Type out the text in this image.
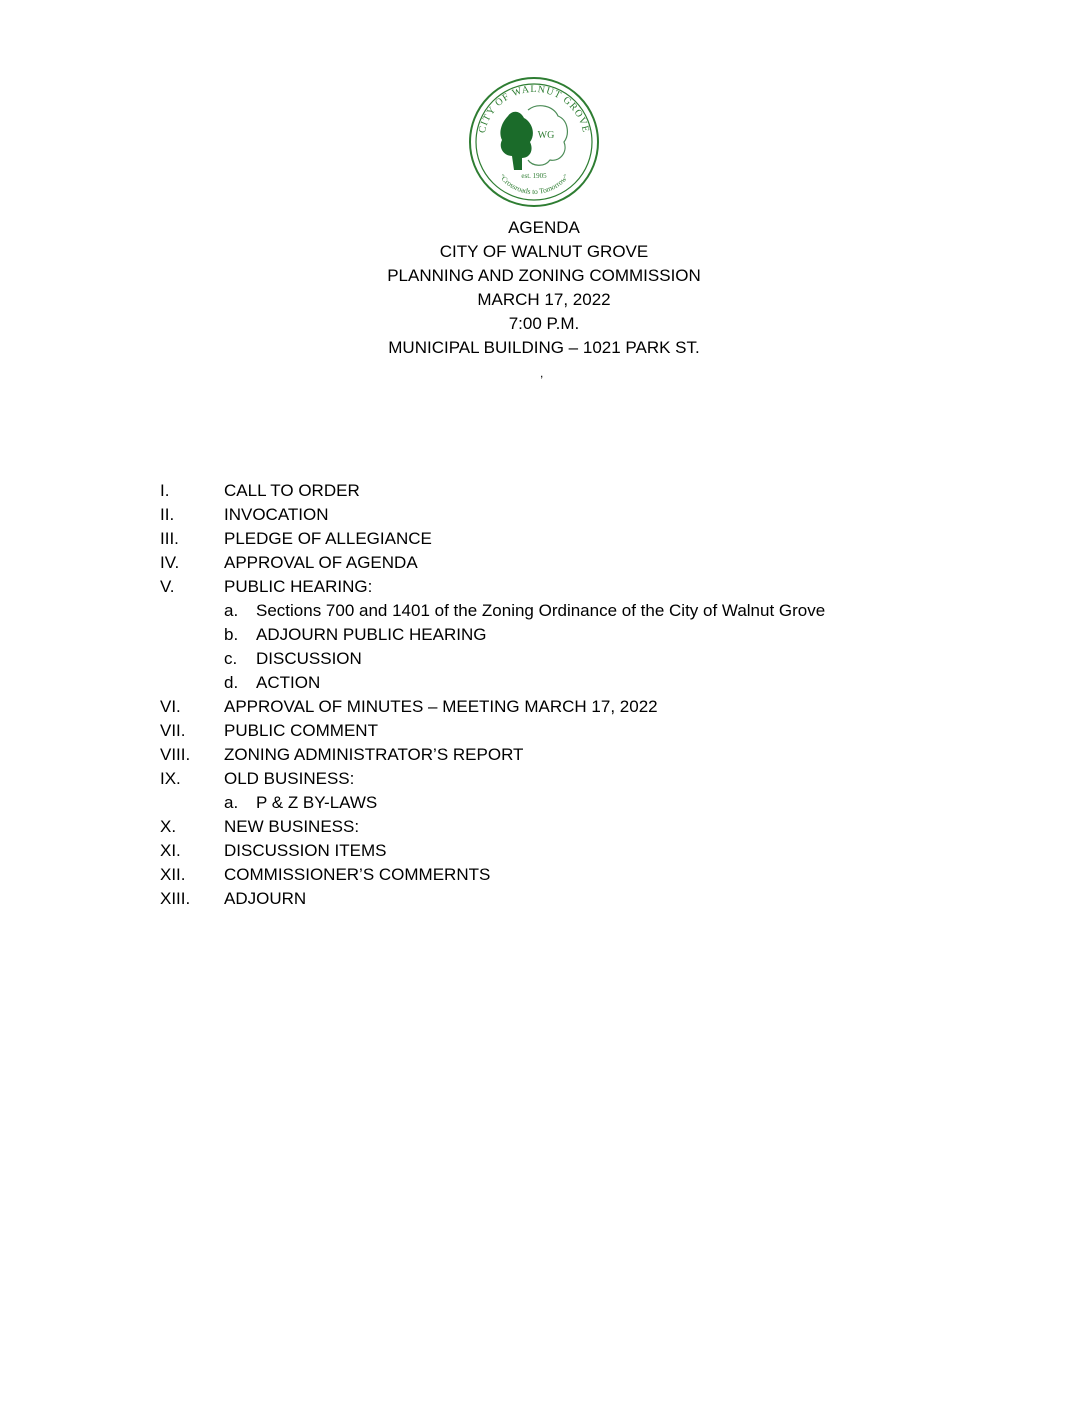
CITY OF WALNUT GROVE
WG
est. 1905
"Crossroads to Tomorrow"
AGENDA
CITY OF WALNUT GROVE
PLANNING AND ZONING COMMISSION
MARCH 17, 2022
7:00 P.M.
MUNICIPAL BUILDING – 1021 PARK ST.
,
I.	CALL TO ORDER
II.	INVOCATION
III.	PLEDGE OF ALLEGIANCE
IV.	APPROVAL OF AGENDA
V.	PUBLIC HEARING:
a. Sections 700 and 1401 of the Zoning Ordinance of the City of Walnut Grove
b. ADJOURN PUBLIC HEARING
c. DISCUSSION
d. ACTION
VI.	APPROVAL OF MINUTES – MEETING MARCH 17, 2022
VII. PUBLIC COMMENT
VIII. ZONING ADMINISTRATOR’S REPORT
IX.	OLD BUSINESS:
a. P & Z BY-LAWS
X.	NEW BUSINESS:
XI.	DISCUSSION ITEMS
XII. COMMISSIONER’S COMMERNTS
XIII. ADJOURN
